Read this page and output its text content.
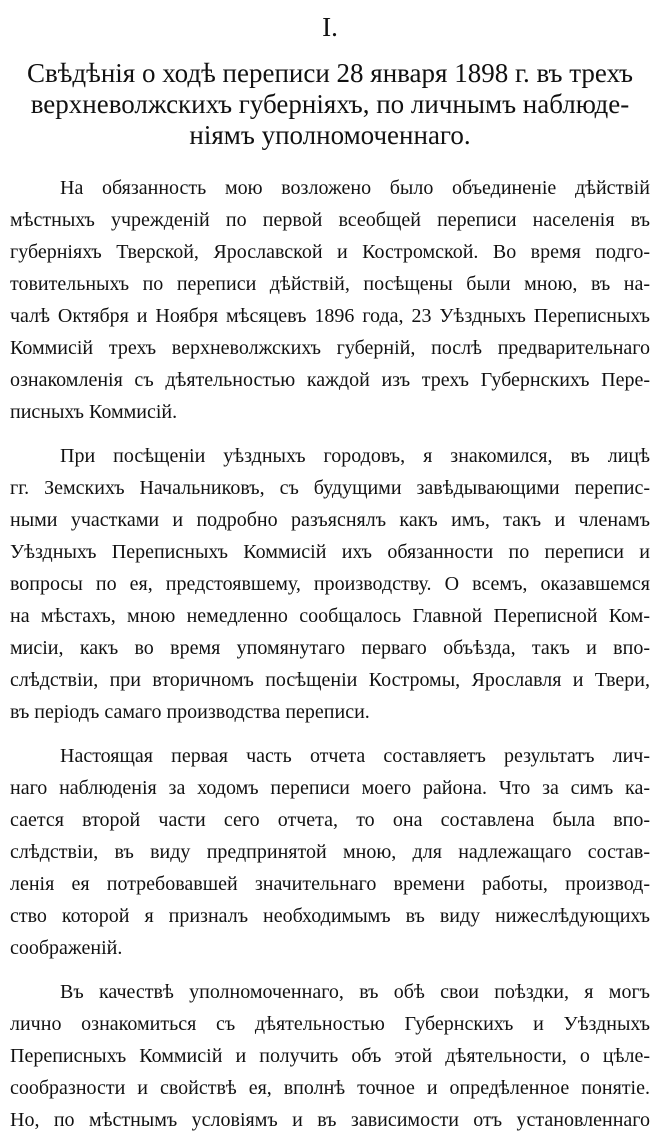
I.
Свѣдѣнія о ходѣ переписи 28 января 1898 г. въ трехъ
верхневолжскихъ губерніяхъ, по личнымъ наблюде-
ніямъ уполномоченнаго.
На обязанность мою возложено было объединеніе дѣйствій
мѣстныхъ учрежденій по первой всеобщей переписи населенія въ
губерніяхъ Тверской, Ярославской и Костромской. Во время подго-
товительныхъ по переписи дѣйствій, посѣщены были мною, въ на-
чалѣ Октября и Ноября мѣсяцевъ 1896 года, 23 Уѣздныхъ Переписныхъ
Коммисій трехъ верхневолжскихъ губерній, послѣ предварительнаго
ознакомленія съ дѣятельностью каждой изъ трехъ Губернскихъ Пере-
писныхъ Коммисій.
При посѣщеніи уѣздныхъ городовъ, я знакомился, въ лицѣ
гг. Земскихъ Начальниковъ, съ будущими завѣдывающими перепис-
ными участками и подробно разъяснялъ какъ имъ, такъ и членамъ
Уѣздныхъ Переписныхъ Коммисій ихъ обязанности по переписи и
вопросы по ея, предстоявшему, производству. О всемъ, оказавшемся
на мѣстахъ, мною немедленно сообщалось Главной Переписной Ком-
мисіи, какъ во время упомянутаго перваго объѣзда, такъ и впо-
слѣдствіи, при вторичномъ посѣщеніи Костромы, Ярославля и Твери,
въ періодъ самаго производства переписи.
Настоящая первая часть отчета составляетъ результатъ лич-
наго наблюденія за ходомъ переписи моего района. Что за симъ ка-
сается второй части сего отчета, то она составлена была впо-
слѣдствіи, въ виду предпринятой мною, для надлежащаго состав-
ленія ея потребовавшей значительнаго времени работы, производ-
ство которой я призналъ необходимымъ въ виду нижеслѣдующихъ
соображеній.
Въ качествѣ уполномоченнаго, въ обѣ свои поѣздки, я могъ
лично ознакомиться съ дѣятельностью Губернскихъ и Уѣздныхъ
Переписныхъ Коммисій и получить объ этой дѣятельности, о цѣле-
сообразности и свойствѣ ея, вполнѣ точное и опредѣленное понятіе.
Но, по мѣстнымъ условіямъ и въ зависимости отъ установленнаго
